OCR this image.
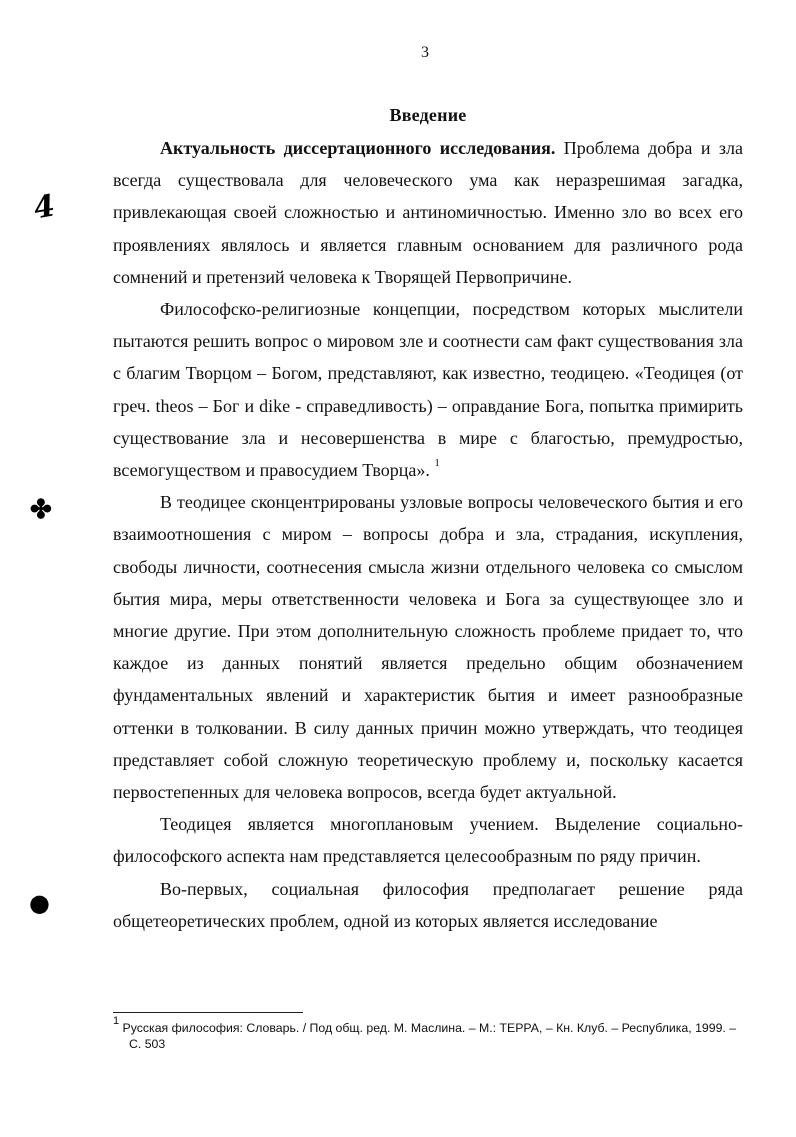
3
4
✤
●
Введение

Актуальность диссертационного исследования. Проблема добра и зла всегда существовала для человеческого ума как неразрешимая загадка, привлекающая своей сложностью и антиномичностью. Именно зло во всех его проявлениях являлось и является главным основанием для различного рода сомнений и претензий человека к Творящей Первопричине.

Философско-религиозные концепции, посредством которых мыслители пытаются решить вопрос о мировом зле и соотнести сам факт существования зла с благим Творцом – Богом, представляют, как известно, теодицею. «Теодицея (от греч. theos – Бог и dike - справедливость) – оправдание Бога, попытка примирить существование зла и несовершенства в мире с благостью, премудростью, всемогуществом и правосудием Творца». $^1$

В теодицее сконцентрированы узловые вопросы человеческого бытия и его взаимоотношения с миром – вопросы добра и зла, страдания, искупления, свободы личности, соотнесения смысла жизни отдельного человека со смыслом бытия мира, меры ответственности человека и Бога за существующее зло и многие другие. При этом дополнительную сложность проблеме придает то, что каждое из данных понятий является предельно общим обозначением фундаментальных явлений и характеристик бытия и имеет разнообразные оттенки в толковании. В силу данных причин можно утверждать, что теодицея представляет собой сложную теоретическую проблему и, поскольку касается первостепенных для человека вопросов, всегда будет актуальной.

Теодицея является многоплановым учением. Выделение социально-философского аспекта нам представляется целесообразным по ряду причин.

Во-первых, социальная философия предполагает решение ряда общетеоретических проблем, одной из которых является исследование

$^1$ Русская философия: Словарь. / Под общ. ред. М. Маслина. – М.: ТЕРРА, – Кн. Клуб. – Республика, 1999. –
С. 503
